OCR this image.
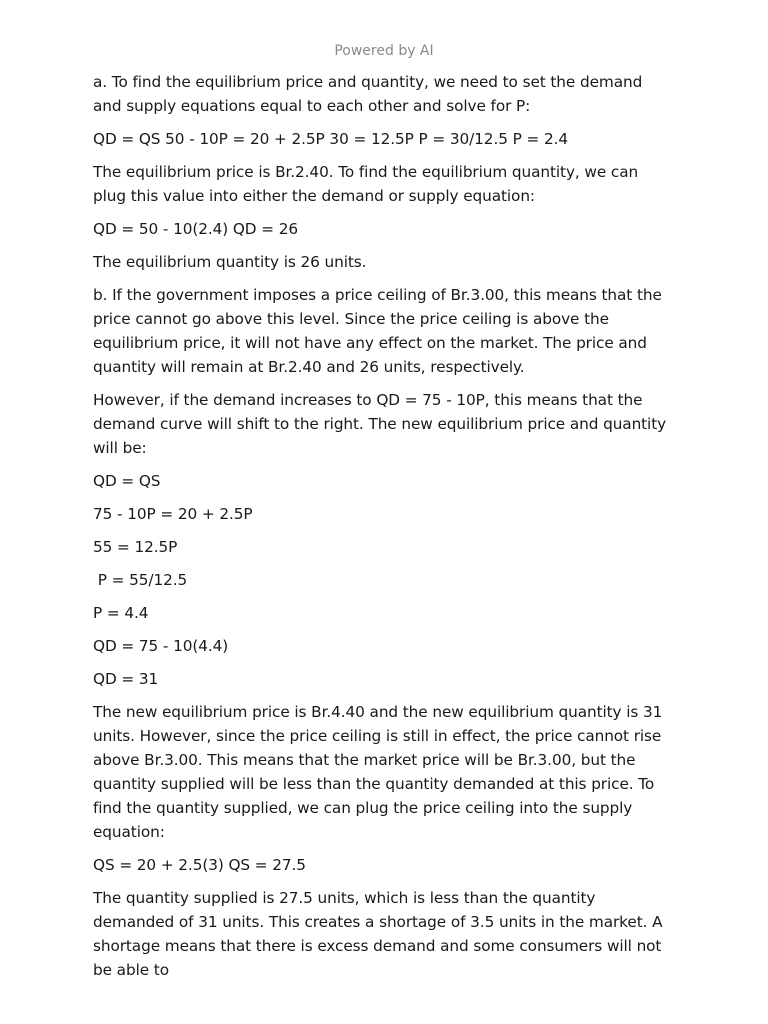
Powered by AI

a. To find the equilibrium price and quantity, we need to set the demand and supply equations equal to each other and solve for P:

QD = QS 50 - 10P = 20 + 2.5P 30 = 12.5P P = 30/12.5 P = 2.4

The equilibrium price is Br.2.40. To find the equilibrium quantity, we can plug this value into either the demand or supply equation:

QD = 50 - 10(2.4) QD = 26

The equilibrium quantity is 26 units.

b. If the government imposes a price ceiling of Br.3.00, this means that the price cannot go above this level. Since the price ceiling is above the equilibrium price, it will not have any effect on the market. The price and quantity will remain at Br.2.40 and 26 units, respectively.

However, if the demand increases to QD = 75 - 10P, this means that the demand curve will shift to the right. The new equilibrium price and quantity will be:

QD = QS

75 - 10P = 20 + 2.5P

55 = 12.5P

P = 55/12.5

P = 4.4

QD = 75 - 10(4.4)

QD = 31

The new equilibrium price is Br.4.40 and the new equilibrium quantity is 31 units. However, since the price ceiling is still in effect, the price cannot rise above Br.3.00. This means that the market price will be Br.3.00, but the quantity supplied will be less than the quantity demanded at this price. To find the quantity supplied, we can plug the price ceiling into the supply equation:

QS = 20 + 2.5(3) QS = 27.5

The quantity supplied is 27.5 units, which is less than the quantity demanded of 31 units. This creates a shortage of 3.5 units in the market. A shortage means that there is excess demand and some consumers will not be able to
